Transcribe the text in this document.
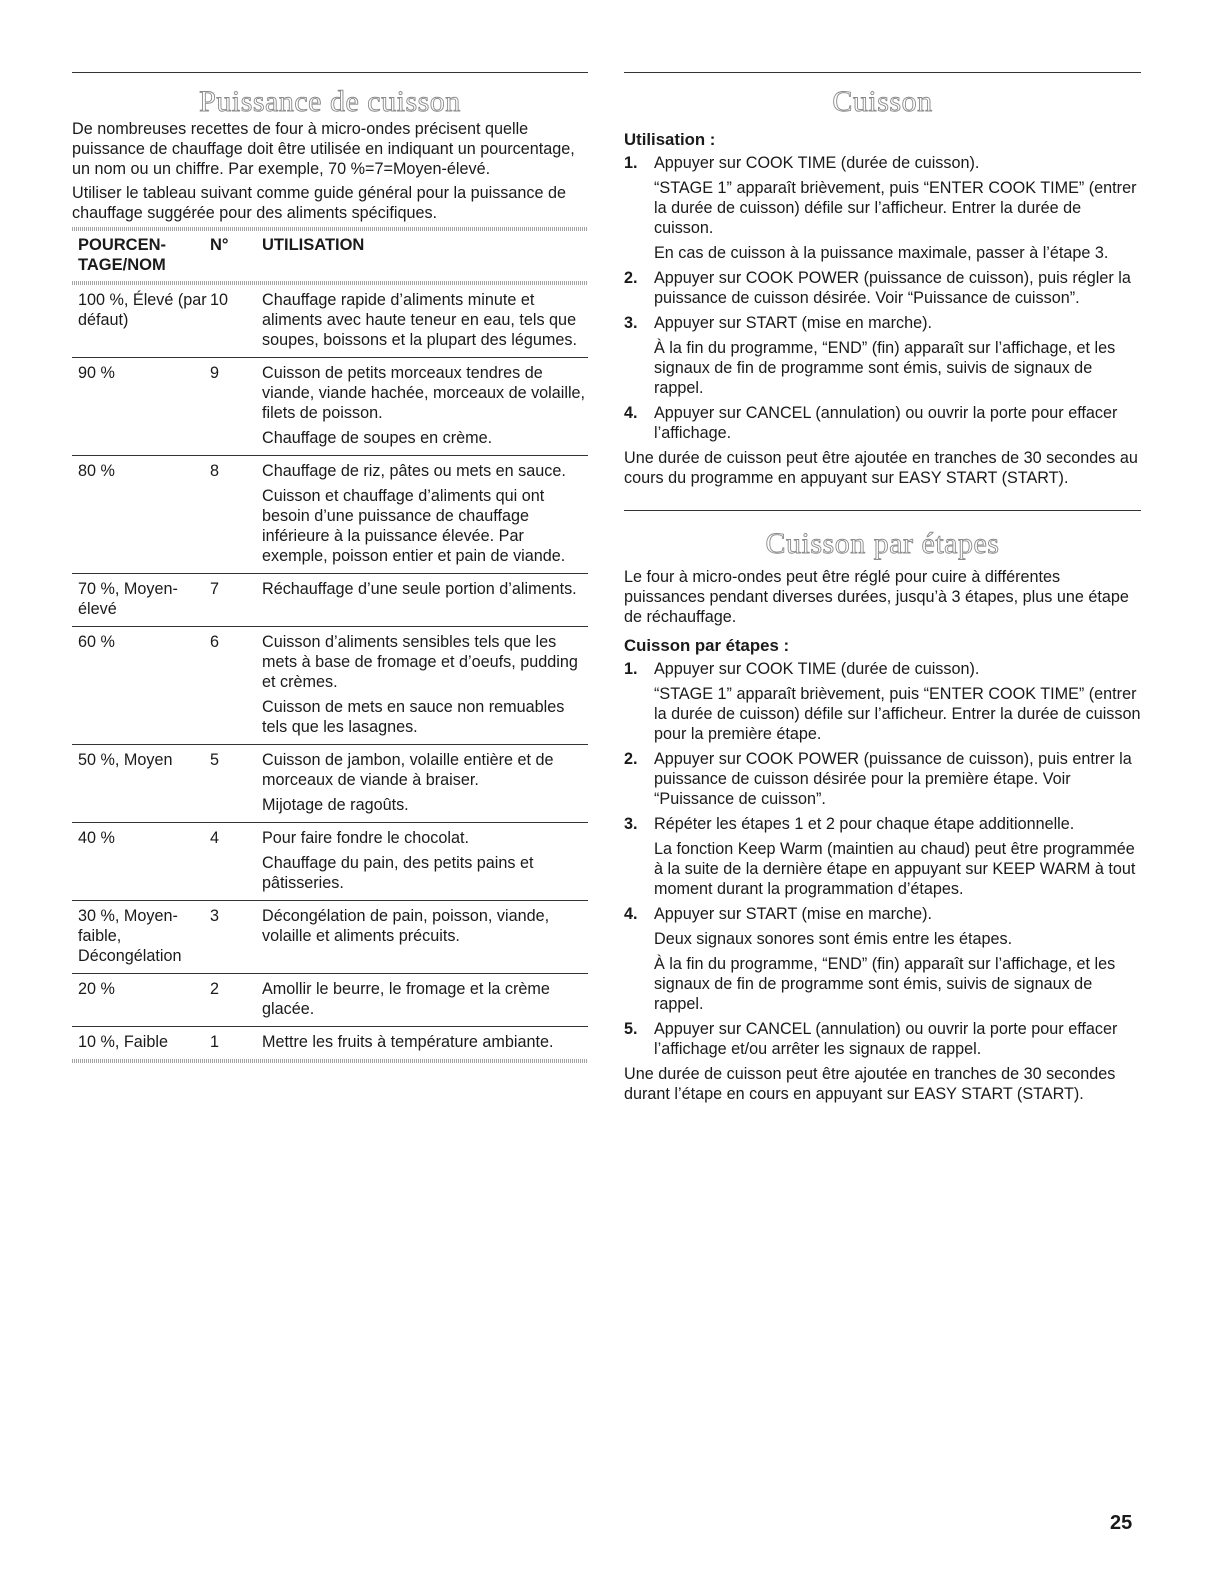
Puissance de cuisson

De nombreuses recettes de four à micro-ondes précisent quelle puissance de chauffage doit être utilisée en indiquant un pourcentage, un nom ou un chiffre. Par exemple, 70 %=7=Moyen-élevé.

Utiliser le tableau suivant comme guide général pour la puissance de chauffage suggérée pour des aliments spécifiques.

POURCEN- TAGE/NOM	N°	UTILISATION

100 %, Élevé (par défaut)	10	Chauffage rapide d’aliments minute et aliments avec haute teneur en eau, tels que soupes, boissons et la plupart des légumes.

90 %	9	Cuisson de petits morceaux tendres de viande, viande hachée, morceaux de volaille, filets de poisson.

Chauffage de soupes en crème.

80 %	8	Chauffage de riz, pâtes ou mets en sauce.

Cuisson et chauffage d’aliments qui ont besoin d’une puissance de chauffage inférieure à la puissance élevée. Par exemple, poisson entier et pain de viande.

70 %, Moyen-élevé	7	Réchauffage d’une seule portion d’aliments.

60 %	6	Cuisson d’aliments sensibles tels que les mets à base de fromage et d’oeufs, pudding et crèmes.

Cuisson de mets en sauce non remuables tels que les lasagnes.

50 %, Moyen	5	Cuisson de jambon, volaille entière et de morceaux de viande à braiser.

Mijotage de ragoûts.

40 %	4	Pour faire fondre le chocolat.

Chauffage du pain, des petits pains et pâtisseries.

30 %, Moyen-faible, Décongélation	3	Décongélation de pain, poisson, viande, volaille et aliments précuits.

20 %	2	Amollir le beurre, le fromage et la crème glacée.

10 %, Faible	1	Mettre les fruits à température ambiante.

Cuisson
Utilisation :
1. Appuyer sur COOK TIME (durée de cuisson).

“STAGE 1” apparaît brièvement, puis “ENTER COOK TIME” (entrer la durée de cuisson) défile sur l’afficheur. Entrer la durée de cuisson.

En cas de cuisson à la puissance maximale, passer à l’étape 3.

2. Appuyer sur COOK POWER (puissance de cuisson), puis régler la puissance de cuisson désirée. Voir “Puissance de cuisson”.

3. Appuyer sur START (mise en marche).

À la fin du programme, “END” (fin) apparaît sur l’affichage, et les signaux de fin de programme sont émis, suivis de signaux de rappel.

4. Appuyer sur CANCEL (annulation) ou ouvrir la porte pour effacer l’affichage.

Une durée de cuisson peut être ajoutée en tranches de 30 secondes au cours du programme en appuyant sur EASY START (START).

Cuisson par étapes

Le four à micro-ondes peut être réglé pour cuire à différentes puissances pendant diverses durées, jusqu’à 3 étapes, plus une étape de réchauffage.

Cuisson par étapes :
1. Appuyer sur COOK TIME (durée de cuisson).

“STAGE 1” apparaît brièvement, puis “ENTER COOK TIME” (entrer la durée de cuisson) défile sur l’afficheur. Entrer la durée de cuisson pour la première étape.

2. Appuyer sur COOK POWER (puissance de cuisson), puis entrer la puissance de cuisson désirée pour la première étape. Voir “Puissance de cuisson”.

3. Répéter les étapes 1 et 2 pour chaque étape additionnelle.

La fonction Keep Warm (maintien au chaud) peut être programmée à la suite de la dernière étape en appuyant sur KEEP WARM à tout moment durant la programmation d’étapes.

4. Appuyer sur START (mise en marche).

Deux signaux sonores sont émis entre les étapes.

À la fin du programme, “END” (fin) apparaît sur l’affichage, et les signaux de fin de programme sont émis, suivis de signaux de rappel.

5. Appuyer sur CANCEL (annulation) ou ouvrir la porte pour effacer l’affichage et/ou arrêter les signaux de rappel.

Une durée de cuisson peut être ajoutée en tranches de 30 secondes durant l’étape en cours en appuyant sur EASY START (START).

25
